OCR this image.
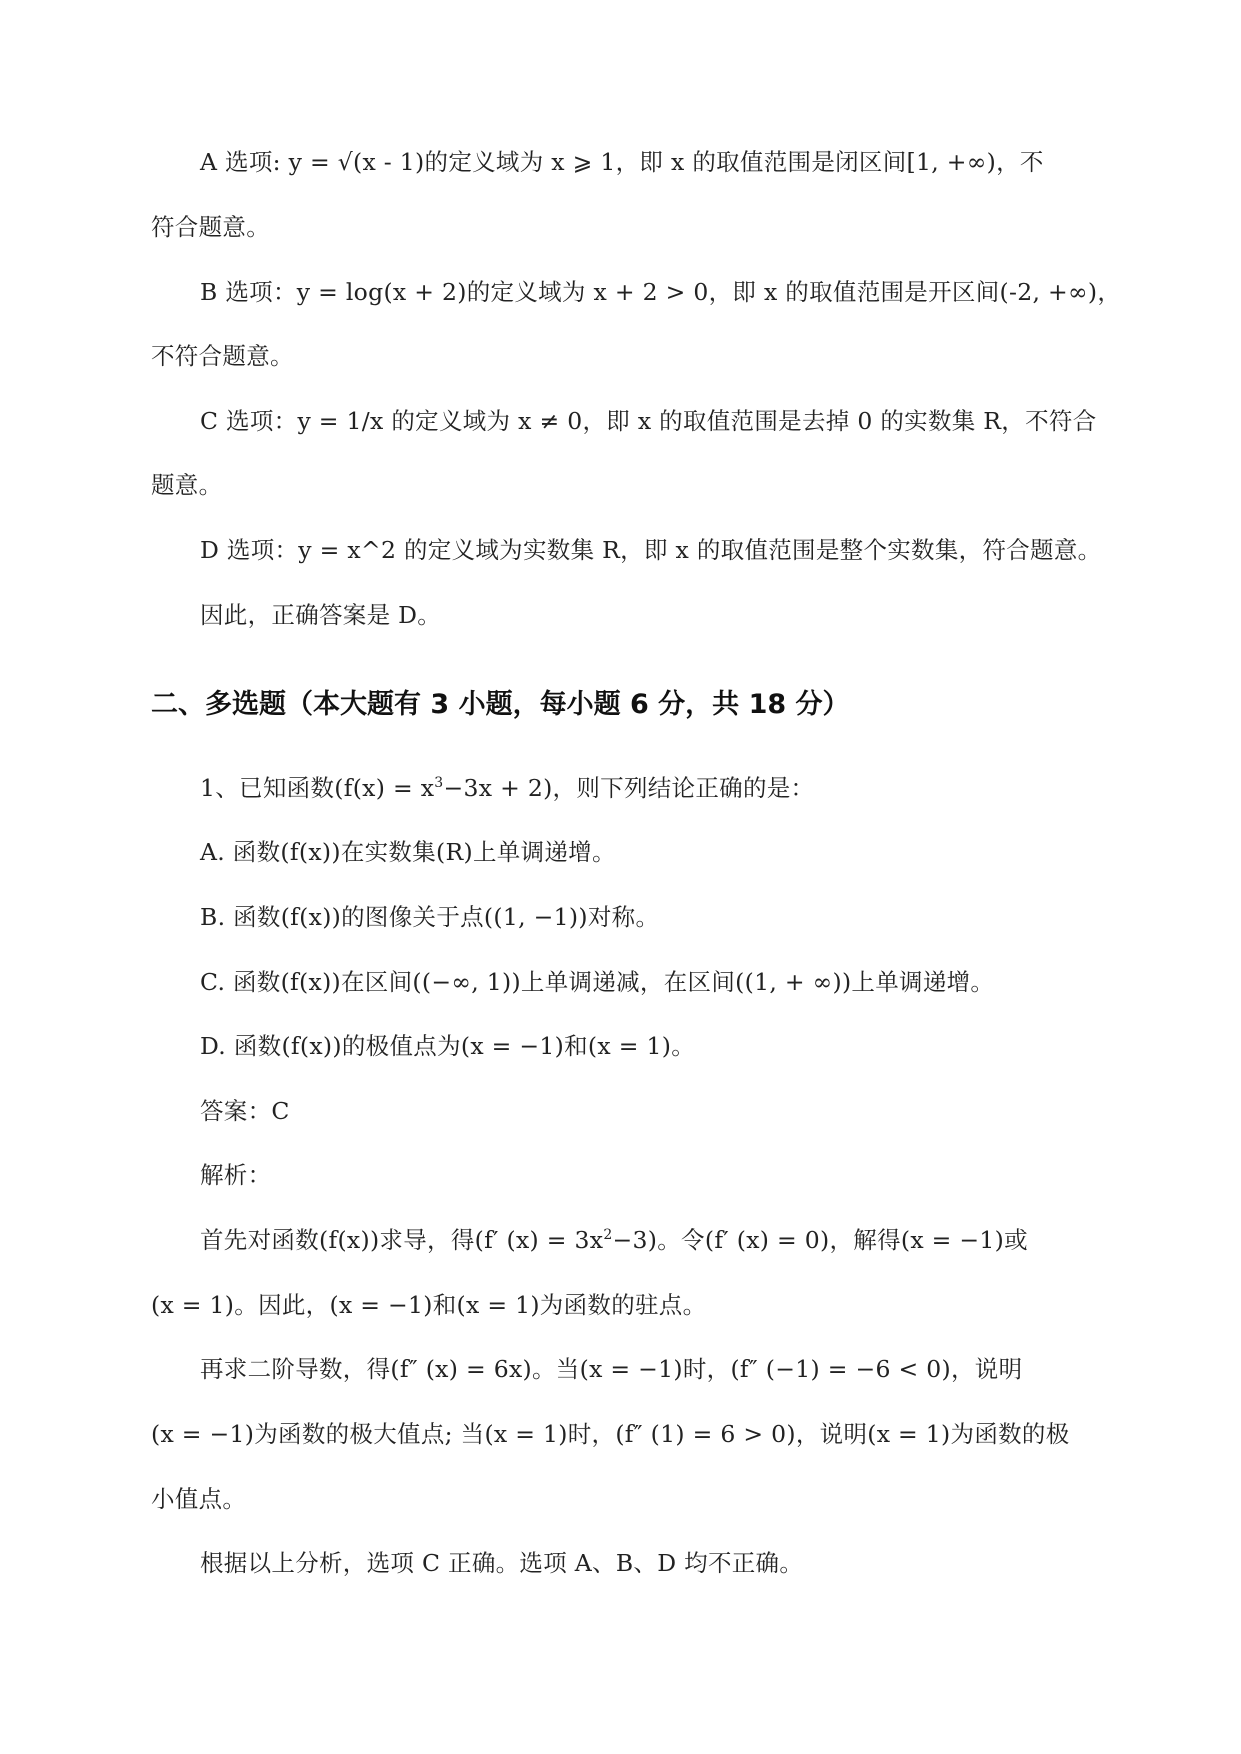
A 选项: y = √(x - 1)的定义域为 x ⩾ 1，即 x 的取值范围是闭区间[1, +∞)，不

符合题意。

B 选项：y = log(x + 2)的定义域为 x + 2 > 0，即 x 的取值范围是开区间(-2, +∞)，

不符合题意。

C 选项：y = 1/x 的定义域为 x ≠ 0，即 x 的取值范围是去掉 0 的实数集 R，不符合

题意。

D 选项：y = x^2 的定义域为实数集 R，即 x 的取值范围是整个实数集，符合题意。

因此，正确答案是 D。

二、多选题（本大题有 3 小题，每小题 6 分，共 18 分）

1、已知函数$(f(x) = x^3-3x + 2)$，则下列结论正确的是：

A. 函数(f(x))在实数集(R)上单调递增。

B. 函数(f(x))的图像关于点((1, −1))对称。

C. 函数(f(x))在区间((−∞, 1))上单调递减，在区间((1, + ∞))上单调递增。

D. 函数(f(x))的极值点为(x = −1)和(x = 1)。

答案：C

解析：

首先对函数(f(x))求导，得(f′ $(x) = 3x^2-3$)。令(f′ (x) = 0)，解得(x = −1)或

(x = 1)。因此，(x = −1)和(x = 1)为函数的驻点。

再求二阶导数，得(f″ (x) = 6x)。当(x = −1)时，(f″ (−1) = −6 < 0)，说明

(x = −1)为函数的极大值点; 当(x = 1)时，(f″ (1) = 6 > 0)，说明(x = 1)为函数的极

小值点。

根据以上分析，选项 C 正确。选项 A、B、D 均不正确。
